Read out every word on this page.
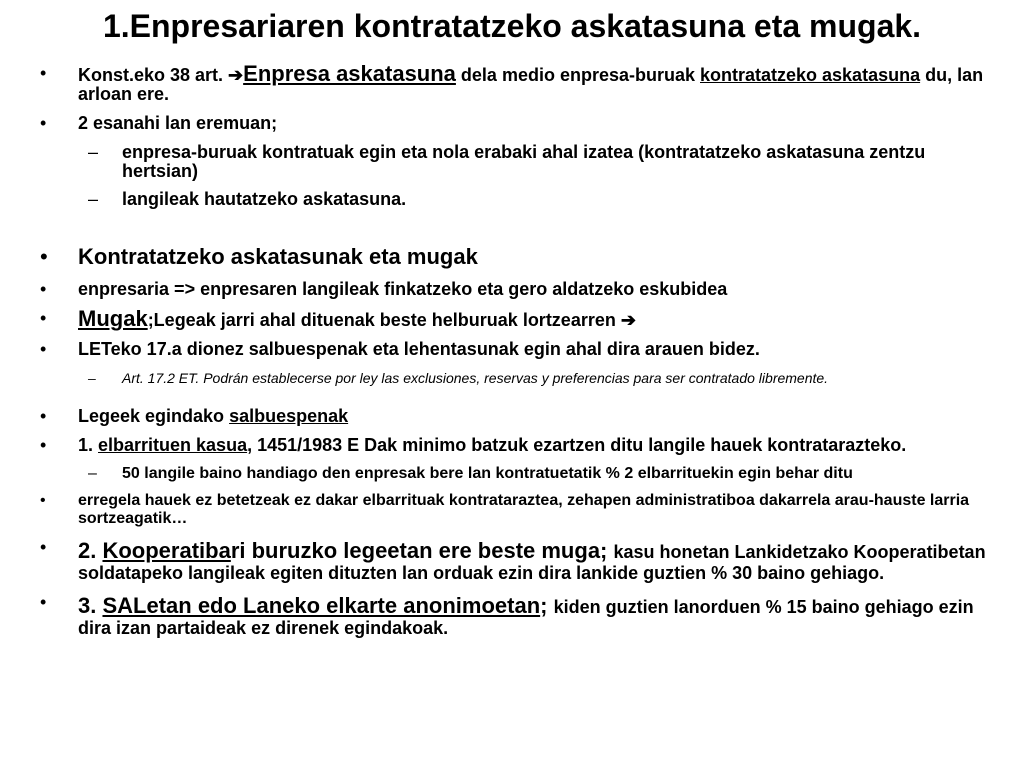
1.Enpresariaren kontratatzeko askatasuna eta mugak.

• Konst.eko 38 art. ➔Enpresa askatasuna dela medio enpresa-buruak kontratatzeko askatasuna du, lan arloan ere.

• 2 esanahi lan eremuan;

– enpresa-buruak kontratuak egin eta nola erabaki ahal izatea (kontratatzeko askatasuna zentzu hertsian)

– langileak hautatzeko askatasuna.

• Kontratatzeko askatasunak eta mugak

• enpresaria => enpresaren langileak finkatzeko eta gero aldatzeko eskubidea

• Mugak;Legeak jarri ahal dituenak beste helburuak lortzearren ➔

• LETeko 17.a dionez salbuespenak eta lehentasunak egin ahal dira arauen bidez.

– Art. 17.2 ET. Podrán establecerse por ley las exclusiones, reservas y preferencias para ser contratado libremente.

• Legeek egindako salbuespenak

• 1. elbarrituen kasua, 1451/1983 E Dak minimo batzuk ezartzen ditu langile hauek kontratarazteko.

– 50 langile baino handiago den enpresak bere lan kontratuetatik % 2 elbarrituekin egin behar ditu

• erregela hauek ez betetzeak ez dakar elbarrituak kontrataraztea, zehapen administratiboa dakarrela arau-hauste larria sortzeagatik…

• 2. Kooperatibari buruzko legeetan ere beste muga; kasu honetan Lankidetzako Kooperatibetan soldatapeko langileak egiten dituzten lan orduak ezin dira lankide guztien % 30 baino gehiago.

• 3. SALetan edo Laneko elkarte anonimoetan; kiden guztien lanorduen % 15 baino gehiago ezin dira izan partaideak ez direnek egindakoak.
